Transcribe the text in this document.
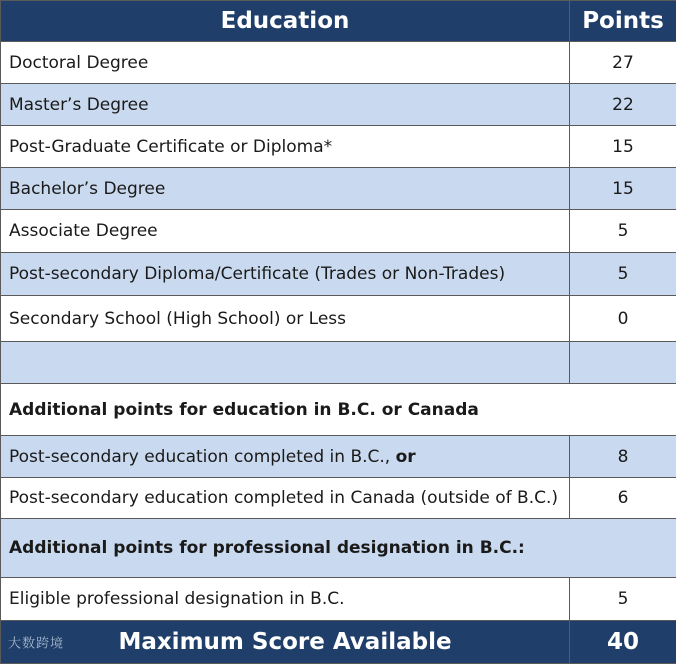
Education	Points
Doctoral Degree	27
Master’s Degree	22
Post-Graduate Certificate or Diploma*	15
Bachelor’s Degree	15
Associate Degree	5
Post-secondary Diploma/Certificate (Trades or Non-Trades)	5
Secondary School (High School) or Less	0

Additional points for education in B.C. or Canada	
Post-secondary education completed in B.C., or	8
Post-secondary education completed in Canada (outside of B.C.)	6
Additional points for professional designation in B.C.:	
Eligible professional designation in B.C.	5

大数跨境 Maximum Score Available	40
